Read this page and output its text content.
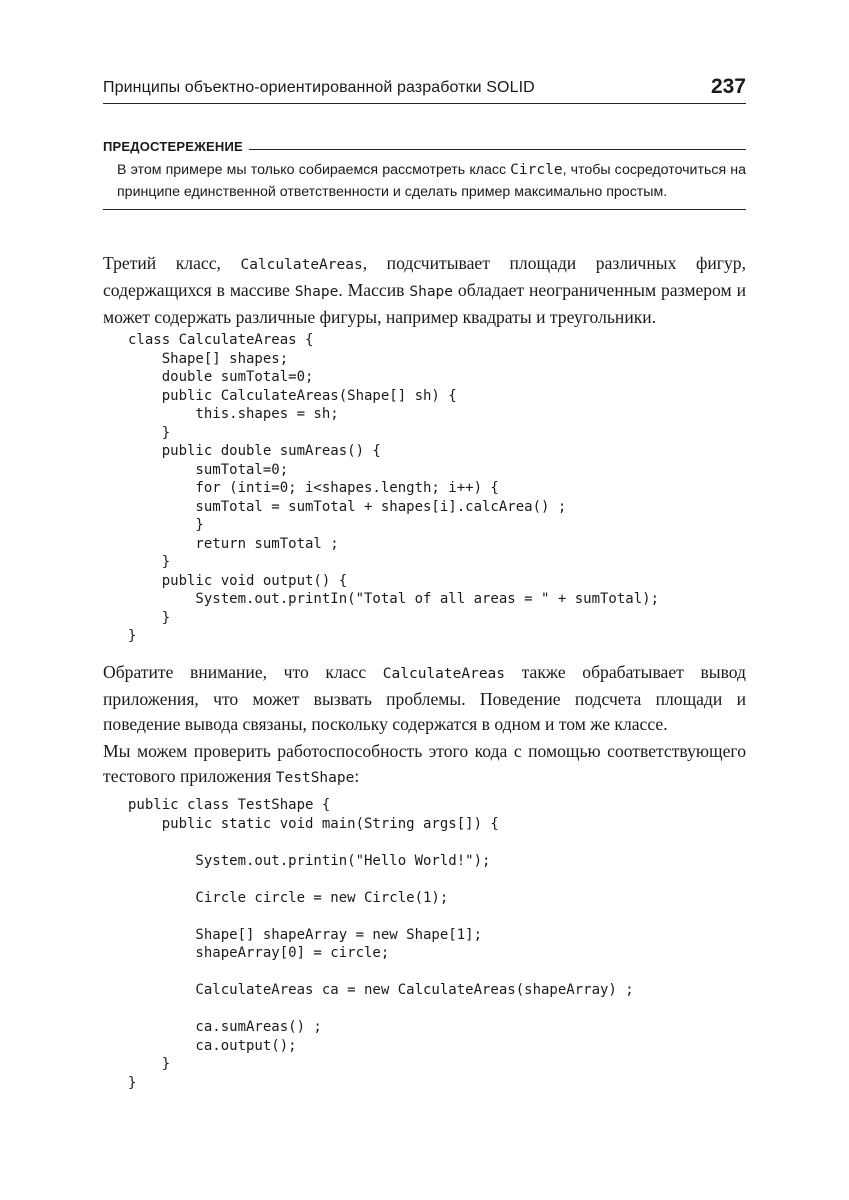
Принципы объектно-ориентированной разработки SOLID	237
ПРЕДОСТЕРЕЖЕНИЕ

В этом примере мы только собираемся рассмотреть класс Circle, чтобы сосредоточиться на принципе единственной ответственности и сделать пример максимально простым.

Третий класс, CalculateAreas, подсчитывает площади различных фигур, содержащихся в массиве Shape. Массив Shape обладает неограниченным размером и может содержать различные фигуры, например квадраты и треугольники.

class CalculateAreas {
Shape[] shapes;
double sumTotal=0;
public CalculateAreas(Shape[] sh) {
this.shapes = sh;
}
public double sumAreas() {
sumTotal=0;
for (inti=0; i<shapes.length; i++) {
sumTotal = sumTotal + shapes[i].calcArea() ;
}
return sumTotal ;
}
public void output() {
System.out.printIn("Total of all areas = " + sumTotal);
}
}

Обратите внимание, что класс CalculateAreas также обрабатывает вывод приложения, что может вызвать проблемы. Поведение подсчета площади и поведение вывода связаны, поскольку содержатся в одном и том же классе.

Мы можем проверить работоспособность этого кода с помощью соответствующего тестового приложения TestShape:

public class TestShape {
public static void main(String args[]) {
System.out.printin("Hello World!");
Circle circle = new Circle(1);
Shape[] shapeArray = new Shape[1];
shapeArray[0] = circle;
CalculateAreas ca = new CalculateAreas(shapeArray) ;
ca.sumAreas() ;
ca.output();
}
}
